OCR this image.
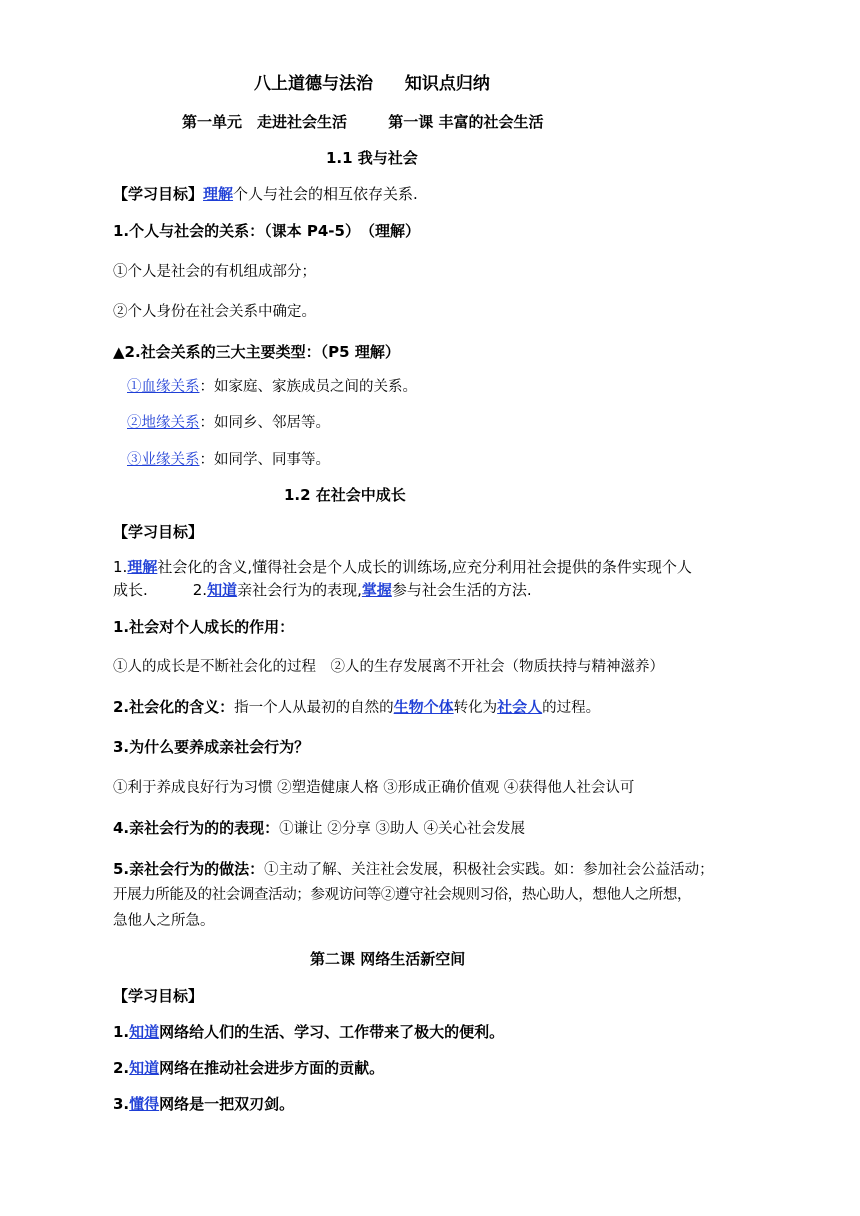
八上道德与法治 知识点归纳
第一单元　走进社会生活	第一课 丰富的社会生活
1.1 我与社会
【学习目标】理解个人与社会的相互依存关系.
1.个人与社会的关系：（课本 P4-5）　（理解）
①个人是社会的有机组成部分；
②个人身份在社会关系中确定。
▲2.社会关系的三大主要类型：（P5 理解）
①血缘关系：如家庭、家族成员之间的关系。
②地缘关系：如同乡、邻居等。
③业缘关系：如同学、同事等。
1.2 在社会中成长
【学习目标】
1.理解社会化的含义,懂得社会是个人成长的训练场,应充分利用社会提供的条件实现个人
成长.　　　2.知道亲社会行为的表现,掌握参与社会生活的方法.
1.社会对个人成长的作用：
①人的成长是不断社会化的过程　②人的生存发展离不开社会（物质扶持与精神滋养）
2.社会化的含义：指一个人从最初的自然的生物个体转化为社会人的过程。
3.为什么要养成亲社会行为？
①利于养成良好行为习惯 ②塑造健康人格 ③形成正确价值观 ④获得他人社会认可
4.亲社会行为的的表现：①谦让 ②分享 ③助人 ④关心社会发展
5.亲社会行为的做法：①主动了解、关注社会发展，积极社会实践。如：参加社会公益活动；
开展力所能及的社会调查活动；参观访问等②遵守社会规则习俗，热心助人，想他人之所想，
急他人之所急。
第二课 网络生活新空间
【学习目标】
1.知道网络给人们的生活、学习、工作带来了极大的便利。
2.知道网络在推动社会进步方面的贡献。
3.懂得网络是一把双刃剑。
